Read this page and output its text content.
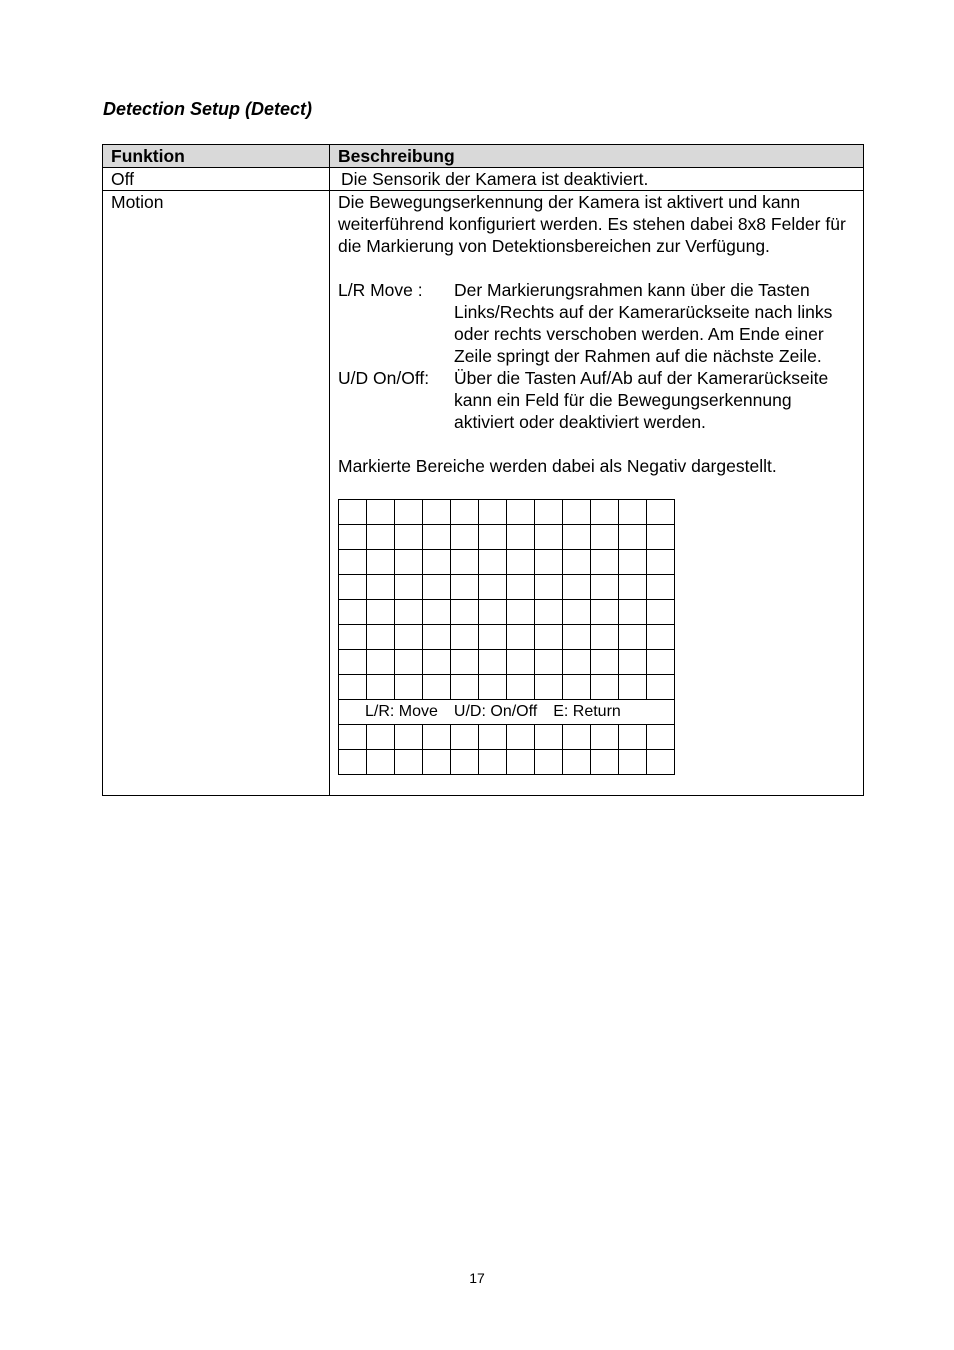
Detection Setup (Detect)
Funktion	Beschreibung
Off	Die Sensorik der Kamera ist deaktiviert.
Motion	Die Bewegungserkennung der Kamera ist aktivert und kann weiterführend konfiguriert werden. Es stehen dabei 8x8 Felder für die Markierung von Detektionsbereichen zur Verfügung.

L/R Move :	Der Markierungsrahmen kann über die Tasten Links/Rechts auf der Kamerarückseite nach links oder rechts verschoben werden. Am Ende einer Zeile springt der Rahmen auf die nächste Zeile.
U/D On/Off:	Über die Tasten Auf/Ab auf der Kamerarückseite kann ein Feld für die Bewegungserkennung aktiviert oder deaktiviert werden.

Markierte Bereiche werden dabei als Negativ dargestellt.

L/R: Move U/D: On/Off E: Return

17
